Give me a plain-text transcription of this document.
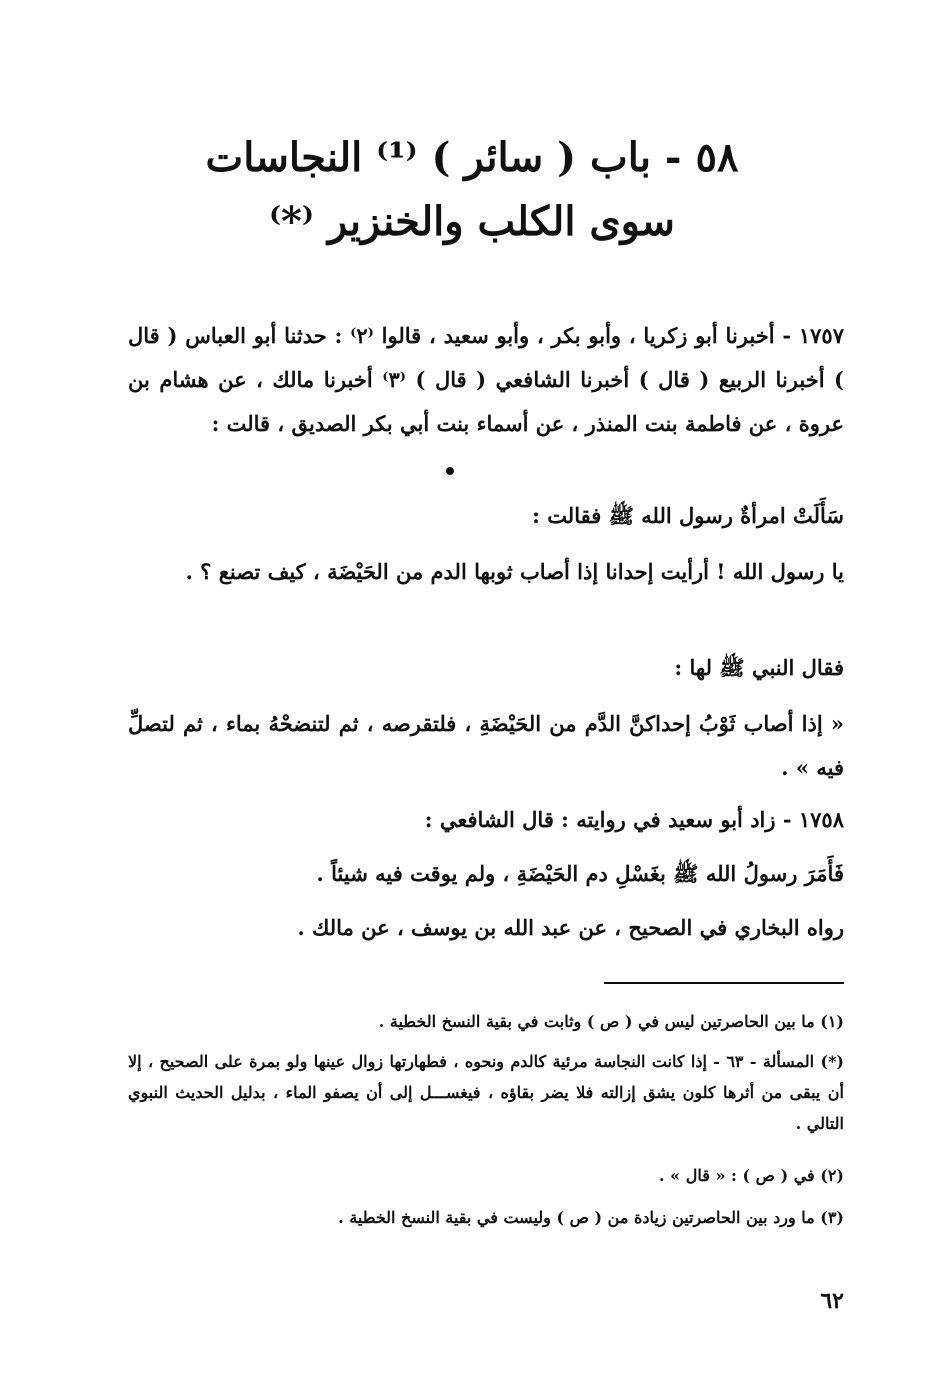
٥٨ - باب ( سائر ) ⁽¹⁾ النجاسات
سوى الكلب والخنزير ⁽*⁾
١٧٥٧ - أخبرنا أبو زكريا ، وأبو بكر ، وأبو سعيد ، قالوا ⁽٢⁾ : حدثنا أبو العباس ( قال ) أخبرنا الربيع ( قال ) أخبرنا الشافعي ( قال ) ⁽٣⁾ أخبرنا مالك ، عن هشام بن عروة ، عن فاطمة بنت المنذر ، عن أسماء بنت أبي بكر الصديق ، قالت :
سَأَلَتْ امرأةٌ رسول الله ﷺ فقالت :
يا رسول الله ! أرأيت إحدانا إذا أصاب ثوبها الدم من الحَيْضَة ، كيف تصنع ؟ .
فقال النبي ﷺ لها :
« إذا أصاب ثَوْبُ إحداكنَّ الدَّم من الحَيْضَةِ ، فلتقرصه ، ثم لتنضحْهُ بماء ، ثم لتصلِّ فيه » .
١٧٥٨ - زاد أبو سعيد في روايته : قال الشافعي :
فَأَمَرَ رسولُ الله ﷺ بغَسْلِ دم الحَيْضَةِ ، ولم يوقت فيه شيئاً .
رواه البخاري في الصحيح ، عن عبد الله بن يوسف ، عن مالك .
(١) ما بين الحاصرتين ليس في ( ص ) وثابت في بقية النسخ الخطية .
(*) المسألة - ٦٣ - إذا كانت النجاسة مرئية كالدم ونحوه ، فطهارتها زوال عينها ولو بمرة على الصحيح ، إلا أن يبقى من أثرها كلون يشق إزالته فلا يضر بقاؤه ، فيغســـل إلى أن يصفو الماء ، بدليل الحديث النبوي التالي .
(٢) في ( ص ) : « قال » .
(٣) ما ورد بين الحاصرتين زيادة من ( ص ) وليست في بقية النسخ الخطية .
٦٢
